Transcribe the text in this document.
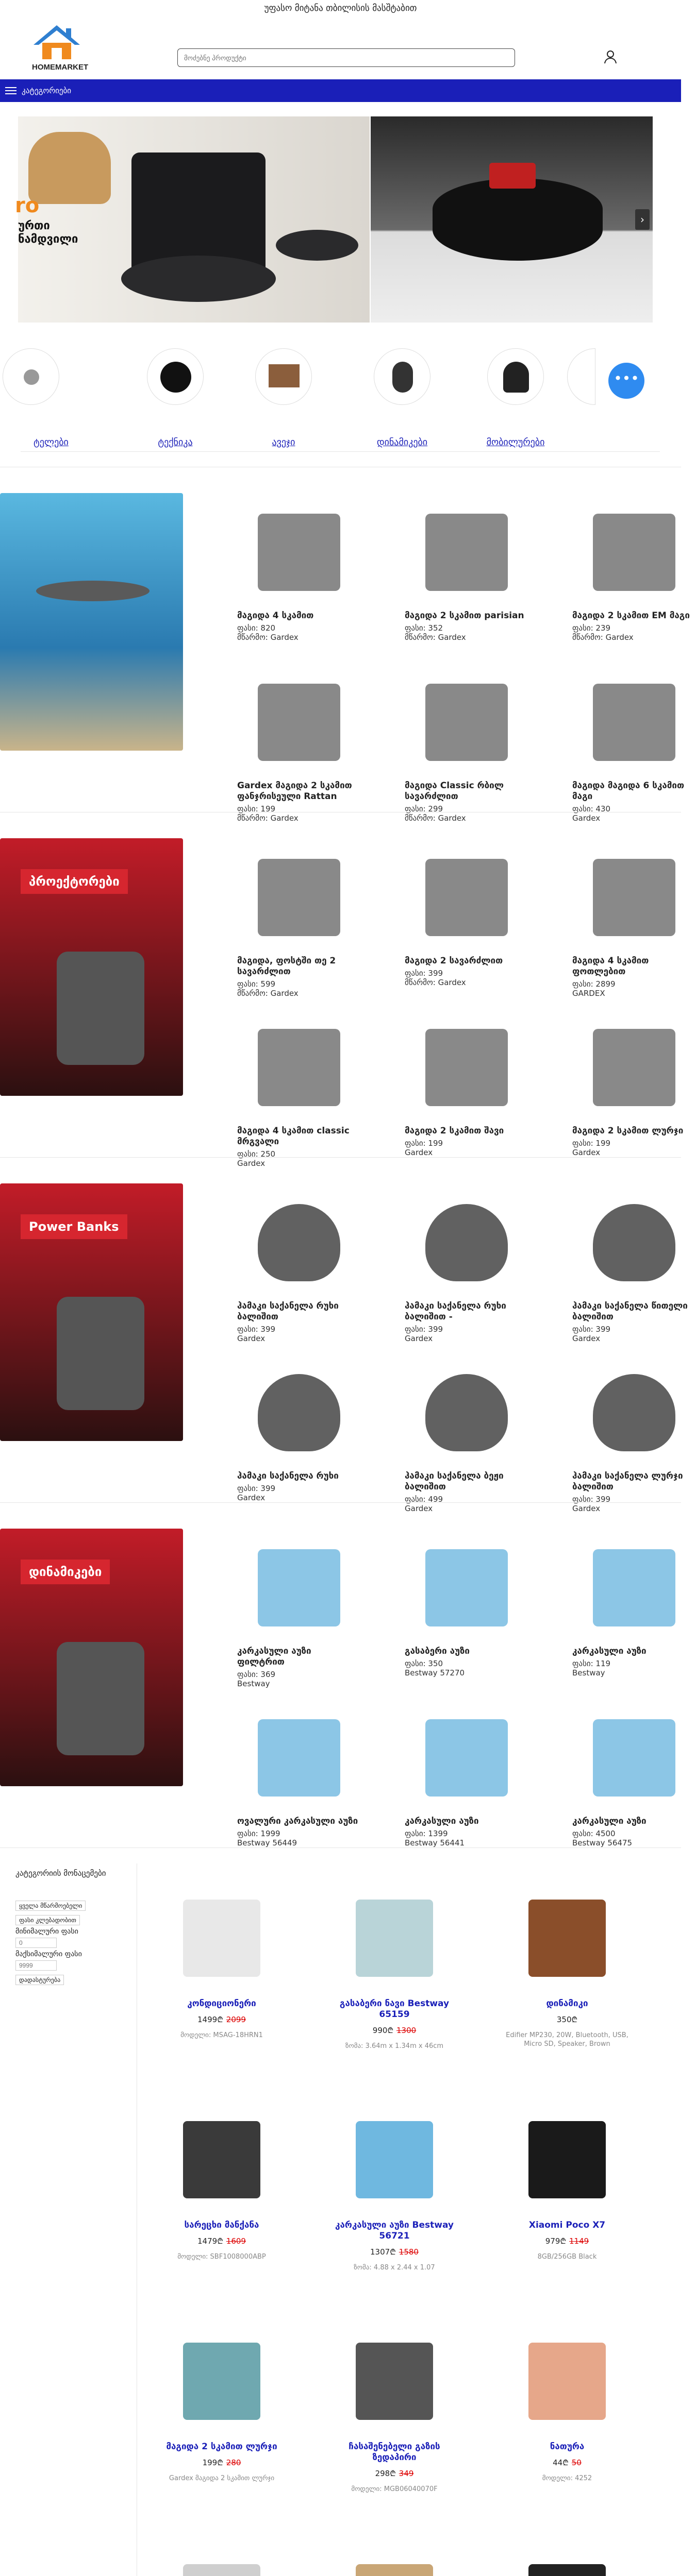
უფასო მიტანა თბილისის მასშტაბით
HOMEMARKET
მოძებნე პროდუქტი
კატეგორიები
ro
ურთი
ნამდვილი
›
ტელები	ტექნიკა	ავეჯი	დინამიკები	მობილურები
•••
მაგიდა 4 სკამით
ფასი: 820
მწარმო: Gardex
მაგიდა 2 სკამით parisian
ფასი: 352
მწარმო: Gardex
მაგიდა 2 სკამით EM მაგი
ფასი: 239
მწარმო: Gardex
Gardex მაგიდა 2 სკამით ფანჯრისეული Rattan
ფასი: 199
მწარმო: Gardex
მაგიდა Classic რბილ სავარძლით
ფასი: 299
მწარმო: Gardex
მაგიდა მაგიდა 6 სკამით მაგი
ფასი: 430
Gardex
პროექტორები
მაგიდა, ფოსტში თე 2 სავარძლით
ფასი: 599
მწარმო: Gardex
მაგიდა 2 სავარძლით
ფასი: 399
მწარმო: Gardex
მაგიდა 4 სკამით ფოთლებით
ფასი: 2899
GARDEX
მაგიდა 4 სკამით classic მრგვალი
ფასი: 250
Gardex
მაგიდა 2 სკამით შავი
ფასი: 199
Gardex
მაგიდა 2 სკამით ლურჯი
ფასი: 199
Gardex
Power Banks
ჰამაკი საქანელა რუხი ბალიშით
ფასი: 399
Gardex
ჰამაკი საქანელა რუხი ბალიშით -
ფასი: 399
Gardex
ჰამაკი საქანელა წითელი ბალიშით
ფასი: 399
Gardex
ჰამაკი საქანელა რუხი
ფასი: 399
Gardex
ჰამაკი საქანელა ბეჟი ბალიშით
ფასი: 499
Gardex
ჰამაკი საქანელა ლურჯი ბალიშით
ფასი: 399
Gardex
დინამიკები
კარკასული აუზი ფილტრით
ფასი: 369
Bestway
გასაბერი აუზი
ფასი: 350
Bestway 57270
კარკასული აუზი
ფასი: 119
Bestway
ოვალური კარკასული აუზი
ფასი: 1999
Bestway 56449
კარკასული აუზი
ფასი: 1399
Bestway 56441
კარკასული აუზი
ფასი: 4500
Bestway 56475
კატეგორიის მონაცემები
ყველა მწარმოებელი
ფასი კლებადობით

მინიმალური ფასი
0
მაქსიმალური ფასი
9999
დადასტურება
კონდიციონერი
1499₾ 2099
მოდელი: MSAG-18HRN1
გასაბერი ნავი Bestway 65159
990₾ 1300
ზომა: 3.64m x 1.34m x 46cm
დინამიკი
350₾
Edifier MP230, 20W, Bluetooth, USB, Micro SD, Speaker, Brown
სარეცხი მანქანა
1479₾ 1609
მოდელი: SBF1008000ABP
კარკასული აუზი Bestway 56721
1307₾ 1580
ზომა: 4.88 x 2.44 x 1.07
Xiaomi Poco X7
979₾ 1149
8GB/256GB Black
მაგიდა 2 სკამით ლურჯი
199₾ 280
Gardex მაგიდა 2 სკამით ლურჯი
ჩასაშენებელი გაზის ზედაპირი
298₾ 349
მოდელი: MGB06040070F
ნათურა
44₾ 50
მოდელი: 4252
